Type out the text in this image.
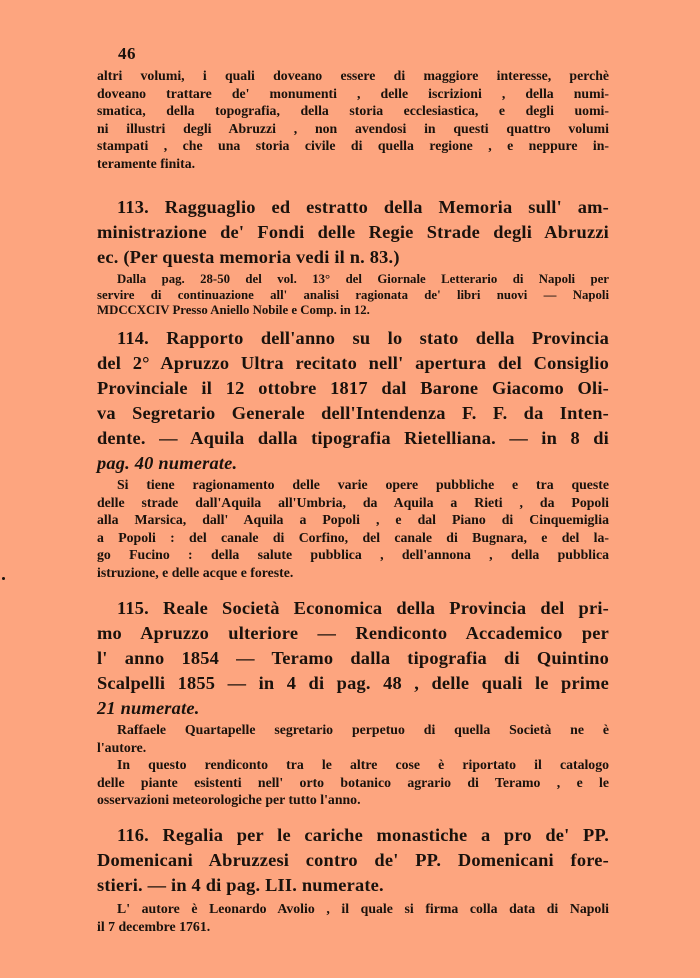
46
altri volumi, i quali doveano essere di maggiore interesse, perchè
doveano trattare de' monumenti , delle iscrizioni , della numi-
smatica, della topografia, della storia ecclesiastica, e degli uomi-
ni illustri degli Abruzzi , non avendosi in questi quattro volumi
stampati , che una storia civile di quella regione , e neppure in-
teramente finita.
113. Ragguaglio ed estratto della Memoria sull' am-
ministrazione de' Fondi delle Regie Strade degli Abruzzi
ec. (Per questa memoria vedi il n. 83.)
Dalla pag. 28-50 del vol. 13° del Giornale Letterario di Napoli per
servire di continuazione all' analisi ragionata de' libri nuovi — Napoli
MDCCXCIV Presso Aniello Nobile e Comp. in 12.
114. Rapporto dell'anno su lo stato della Provincia
del 2° Apruzzo Ultra recitato nell' apertura del Consiglio
Provinciale il 12 ottobre 1817 dal Barone Giacomo Oli-
va Segretario Generale dell'Intendenza F. F. da Inten-
dente. — Aquila dalla tipografia Rietelliana. — in 8 di
pag. 40 numerate.
Si tiene ragionamento delle varie opere pubbliche e tra queste
delle strade dall'Aquila all'Umbria, da Aquila a Rieti , da Popoli
alla Marsica, dall' Aquila a Popoli , e dal Piano di Cinquemiglia
a Popoli : del canale di Corfino, del canale di Bugnara, e del la-
go Fucino : della salute pubblica , dell'annona , della pubblica
istruzione, e delle acque e foreste.
115. Reale Società Economica della Provincia del pri-
mo Apruzzo ulteriore — Rendiconto Accademico per
l' anno 1854 — Teramo dalla tipografia di Quintino
Scalpelli 1855 — in 4 di pag. 48 , delle quali le prime
21 numerate.
Raffaele Quartapelle segretario perpetuo di quella Società ne è
l'autore.
In questo rendiconto tra le altre cose è riportato il catalogo
delle piante esistenti nell' orto botanico agrario di Teramo , e le
osservazioni meteorologiche per tutto l'anno.
116. Regalia per le cariche monastiche a pro de' PP.
Domenicani Abruzzesi contro de' PP. Domenicani fore-
stieri. — in 4 di pag. LII. numerate.
L' autore è Leonardo Avolio , il quale si firma colla data di Napoli
il 7 decembre 1761.
